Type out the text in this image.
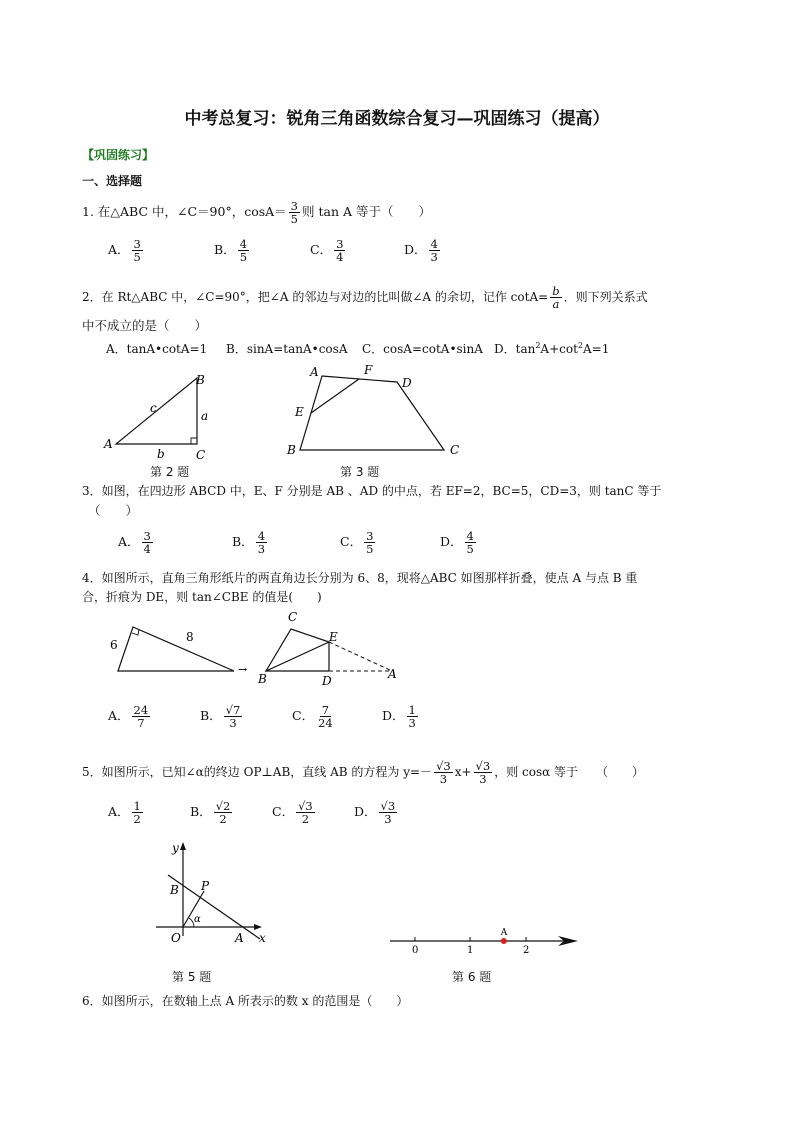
中考总复习：锐角三角函数综合复习—巩固练习（提高）
【巩固练习】
一、选择题
1. 在△ABC 中，∠C＝90°，$\cos A= \frac{3}{5}$ 则 tan A 等于（　　）
A． $\frac{3}{5}$	B． $\frac{4}{5}$	C． $\frac{3}{4}$	D． $\frac{4}{3}$
2．在 Rt△ABC 中，∠C=90°，把∠A 的邻边与对边的比叫做∠A 的余切，记作 $\cot A= \frac{b}{a}$ ．则下列关系式
中不成立的是（　　）
A．tanA•cotA=1 B．sinA=tanA•cosA C．cosA=cotA•sinA D．$\tan^2A+\cot^2A=1$
A
B
C
a
b
c
第 2 题
A	F
D
E
B	C
第 3 题
3．如图，在四边形 ABCD 中，E、F 分别是 AB 、AD 的中点，若 EF=2，BC=5，CD=3，则 tanC 等于
（　　）
A． $\frac{3}{4}$	B． $\frac{4}{3}$	C． $\frac{3}{5}$	D． $\frac{4}{5}$
4．如图所示，直角三角形纸片的两直角边长分别为 6、8，现将△ABC 如图那样折叠，使点 A 与点 B 重
合，折痕为 DE，则 tan∠CBE 的值是(　　)
6
8
→
C
E
B	D	A
A． $\frac{24}{7}$	B． $\frac{√7}{3}$	C． $\frac{7}{24}$	D． $\frac{1}{3}$
5．如图所示，已知∠α的终边 OP⊥AB，直线 AB 的方程为 $y=- \frac{√3}{3} x+ \frac{√3}{3}$ ，则 cosα 等于　　（　　）
A． $\frac{1}{2}$	B． $\frac{√2}{2}$	C． $\frac{√3}{2}$	D． $\frac{√3}{3}$
y
x
O	A
B P
α
第 5 题
0	1	2
A
第 6 题
6．如图所示，在数轴上点 A 所表示的数 x 的范围是（　　）
